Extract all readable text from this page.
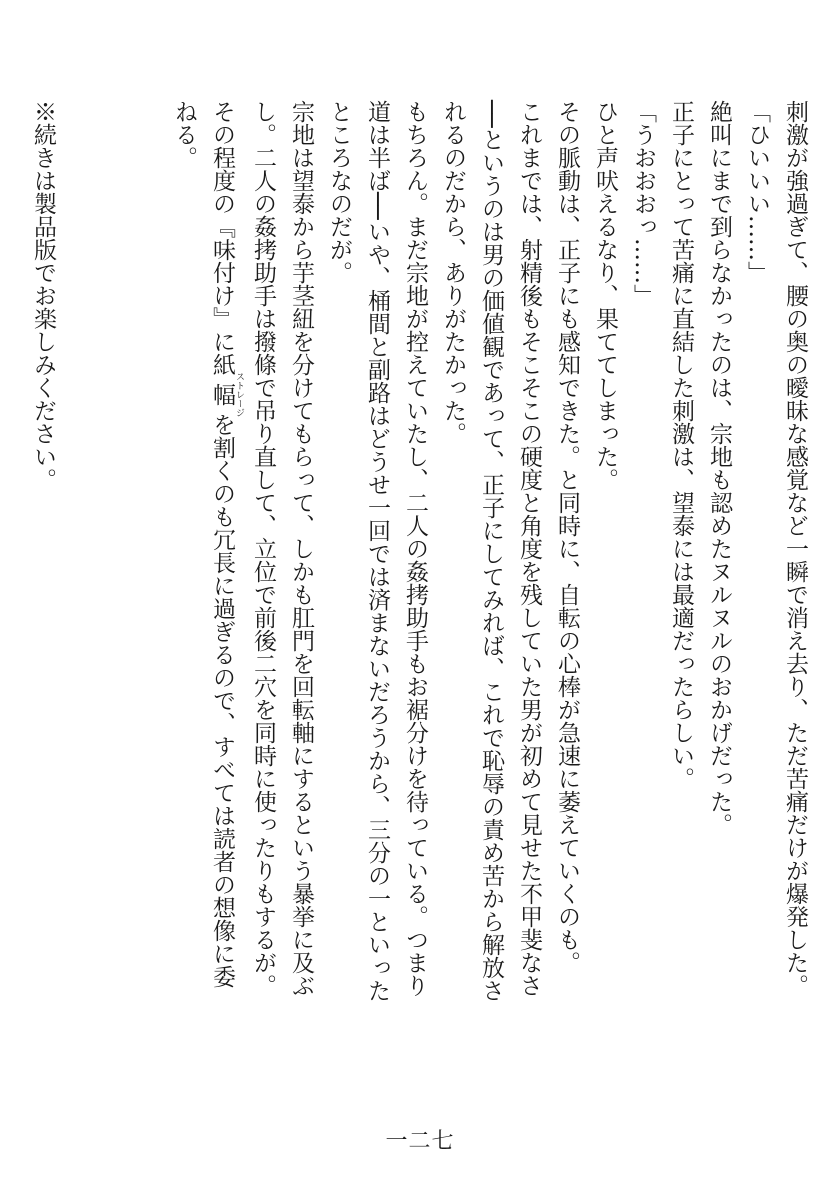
刺激が強過ぎて、腰の奥の曖昧な感覚など一瞬で消え去り、ただ苦痛だけが爆発した。

「ひいいい……」

絶叫にまで到らなかったのは、宗地も認めたヌルヌルのおかげだった。

正子にとって苦痛に直結した刺激は、望泰には最適だったらしい。

「うおおおっ……」

ひと声吠えるなり、果ててしまった。

その脈動は、正子にも感知できた。と同時に、自転の心棒が急速に萎えていくのも。

これまでは、射精後もそこそこの硬度と角度を残していた男が初めて見せた不甲斐なさ

──というのは男の価値観であって、正子にしてみれば、これで恥辱の責め苦から解放さ

れるのだから、ありがたかった。

もちろん。まだ宗地が控えていたし、二人の姦拷助手もお裾分けを待っている。つまり

道は半ば──いや、桶間と副路はどうせ一回では済まないだろうから、三分の一といった

ところなのだが。

宗地は望泰から芋茎紐を分けてもらって、しかも肛門を回転軸にするという暴挙に及ぶ

し。二人の姦拷助手は撥條で吊り直して、立位で前後二穴を同時に使ったりもするが。

その程度の『味付け』に紙幅 ストレージを割くのも冗長に過ぎるので、すべては読者の想像に委

ねる。

※続きは製品版でお楽しみください。
一二七
